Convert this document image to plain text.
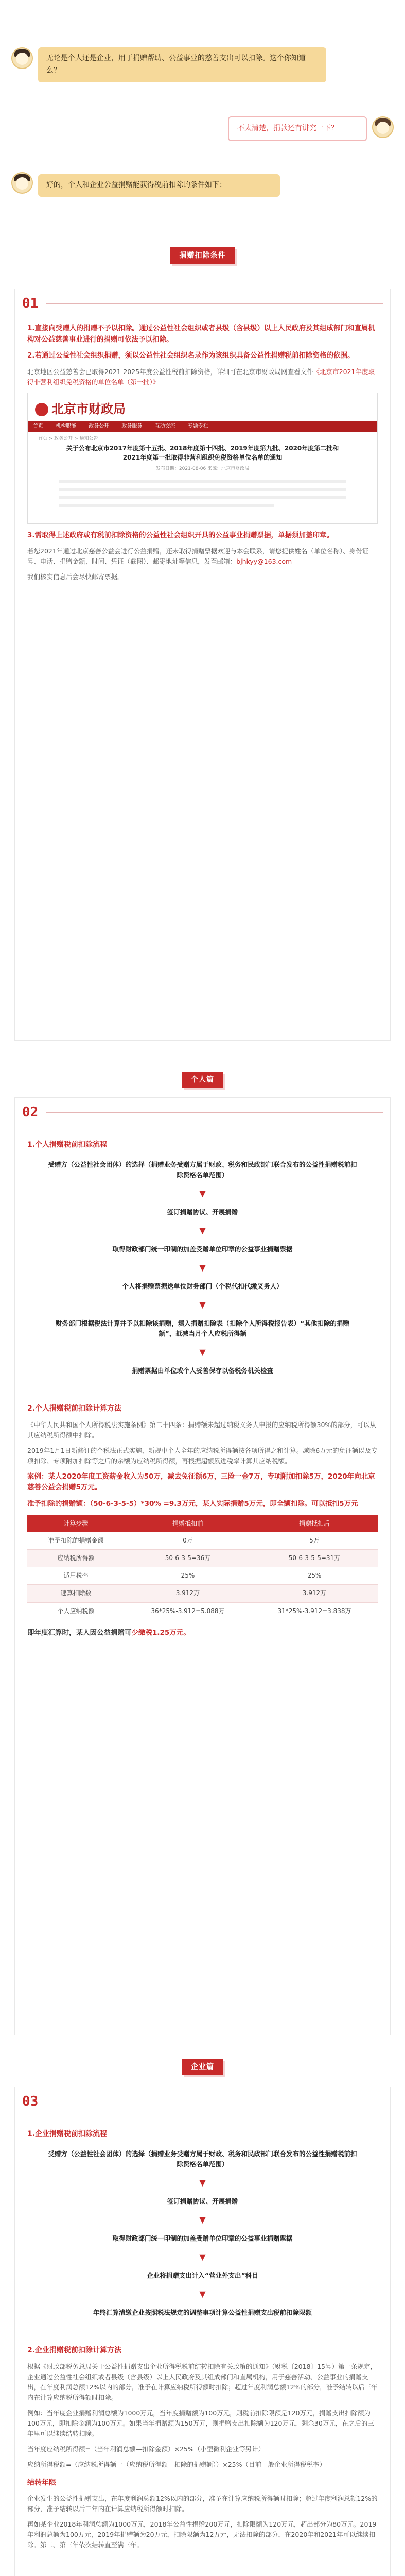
无论是个人还是企业，用于捐赠帮助、公益事业的慈善支出可以扣除。这个你知道么？
不太清楚，捐款还有讲究一下？
好的，个人和企业公益捐赠能获得税前扣除的条件如下：
捐赠扣除条件
01

1.直接向受赠人的捐赠不予以扣除。通过公益性社会组织或者县级（含县级）以上人民政府及其组成部门和直属机构对公益慈善事业进行的捐赠可依法予以扣除。

2.若通过公益性社会组织捐赠，须以公益性社会组织名录作为该组织具备公益性捐赠税前扣除资格的依据。

北京地区公益慈善会已取得2021-2025年度公益性税前扣除资格，详细可在北京市财政局网查看文件《北京市2021年度取得非营利组织免税资格的单位名单（第一批）》

北京市财政局
首页 机构职能 政务公开 政务服务 互动交流 专题专栏
首页 > 政务公开 > 通知公告
关于公布北京市2017年度第十五批、2018年度第十四批、2019年度第九批、2020年度第二批和2021年度第一批取得非营利组织免税资格单位名单的通知
发布日期：2021-08-06 来源：北京市财政局

3.需取得上述政府或有税前扣除资格的公益性社会组织开具的公益事业捐赠票据，单据须加盖印章。

若您2021年通过北京慈善公益会进行公益捐赠，还未取得捐赠票据欢迎与本会联系，请您提供姓名（单位名称）、身份证号、电话、捐赠金额、时间、凭证（截图）、邮寄地址等信息，发至邮箱：bjhkyy@163.com

我们核实信息后会尽快邮寄票据。

个人篇
02
1.个人捐赠税前扣除流程
受赠方（公益性社会团体）的选择（捐赠业务受赠方属于财政、税务和民政部门联合发布的公益性捐赠税前扣除资格名单范围）
▼
签订捐赠协议、开展捐赠
▼
取得财政部门统一印制的加盖受赠单位印章的公益事业捐赠票据
▼
个人将捐赠票据送单位财务部门（个税代扣代缴义务人）
▼
财务部门根据税法计算并予以扣除该捐赠，填入捐赠扣除表（扣除个人所得税报告表）“其他扣除的捐赠额”，抵减当月个人应税所得额
▼
捐赠票据由单位或个人妥善保存以备税务机关检查
2.个人捐赠税前扣除计算方法

《中华人民共和国个人所得税法实施条例》第二十四条：捐赠额未超过纳税义务人申报的应纳税所得额30%的部分，可以从其应纳税所得额中扣除。

2019年1月1日新修订的个税法正式实施，新规中个人全年的应纳税所得额按各项所得之和计算。减除6万元的免征额以及专项扣除、专项附加扣除等之后的余额为应纳税所得额，再根据超额累进税率计算其应纳税额。

案例：某人2020年度工资薪金收入为50万，减去免征额6万，三险一金7万，专项附加扣除5万，2020年向北京慈善公益会捐赠5万元。

准予扣除的捐赠额：（50-6-3-5-5）*30% =9.3万元，某人实际捐赠5万元，即全额扣除。可以抵扣5万元

计算步骤	捐赠抵扣前	捐赠抵扣后
准予扣除的捐赠金额	0万	5万
应纳税所得额	50-6-3-5=36万	50-6-3-5-5=31万
适用税率	25%	25%
速算扣除数	3.912万	3.912万
个人应纳税额	36*25%-3.912=5.088万	31*25%-3.912=3.838万

即年度汇算时，某人因公益捐赠可少缴税1.25万元。

企业篇
03
1.企业捐赠税前扣除流程
受赠方（公益性社会团体）的选择（捐赠业务受赠方属于财政、税务和民政部门联合发布的公益性捐赠税前扣除资格名单范围）
▼
签订捐赠协议、开展捐赠
▼
取得财政部门统一印制的加盖受赠单位印章的公益事业捐赠票据
▼
企业将捐赠支出计入“营业外支出”科目
▼
年终汇算清缴企业按照税法规定的调整事项计算公益性捐赠支出税前扣除限额
2.企业捐赠税前扣除计算方法

根据《财政部税务总局关于公益性捐赠支出企业所得税税前结转扣除有关政策的通知》（财税〔2018〕15号）第一条规定，企业通过公益性社会组织或者县级（含县级）以上人民政府及其组成部门和直属机构，用于慈善活动、公益事业的捐赠支出，在年度利润总额12%以内的部分，准予在计算应纳税所得额时扣除；超过年度利润总额12%的部分，准予结转以后三年内在计算应纳税所得额时扣除。

例如：当年度企业捐赠利润总额为1000万元，当年度捐赠额为100万元，则税前扣除限额是120万元，捐赠支出扣除额为100万元，即扣除金额为100万元。如果当年捐赠额为150万元，则捐赠支出扣除额为120万元，剩余30万元，在之后的三年里可以继续结转扣除。

当年度应纳税所得额=（当年利润总额—扣除金额）×25%（小型微利企业等另计）

应纳所得税额=（应纳税所得额一（应纳税所得额一扣除的捐赠额））×25%（目前一般企业所得税税率）

结转年限

企业发生的公益性捐赠支出，在年度利润总额12%以内的部分，准予在计算应纳税所得额时扣除；超过年度利润总额12%的部分，准予结转以后三年内在计算应纳税所得额时扣除。

再如某企业2018年利润总额为1000万元，2018年公益性捐赠200万元，扣除限额为120万元，超出部分为80万元。2019年利润总额为100万元，2019年捐赠额为20万元，扣除限额为12万元，无法扣除的部分，在2020年和2021年可以继续扣除。第二、第三年依次结转直至满三年。
